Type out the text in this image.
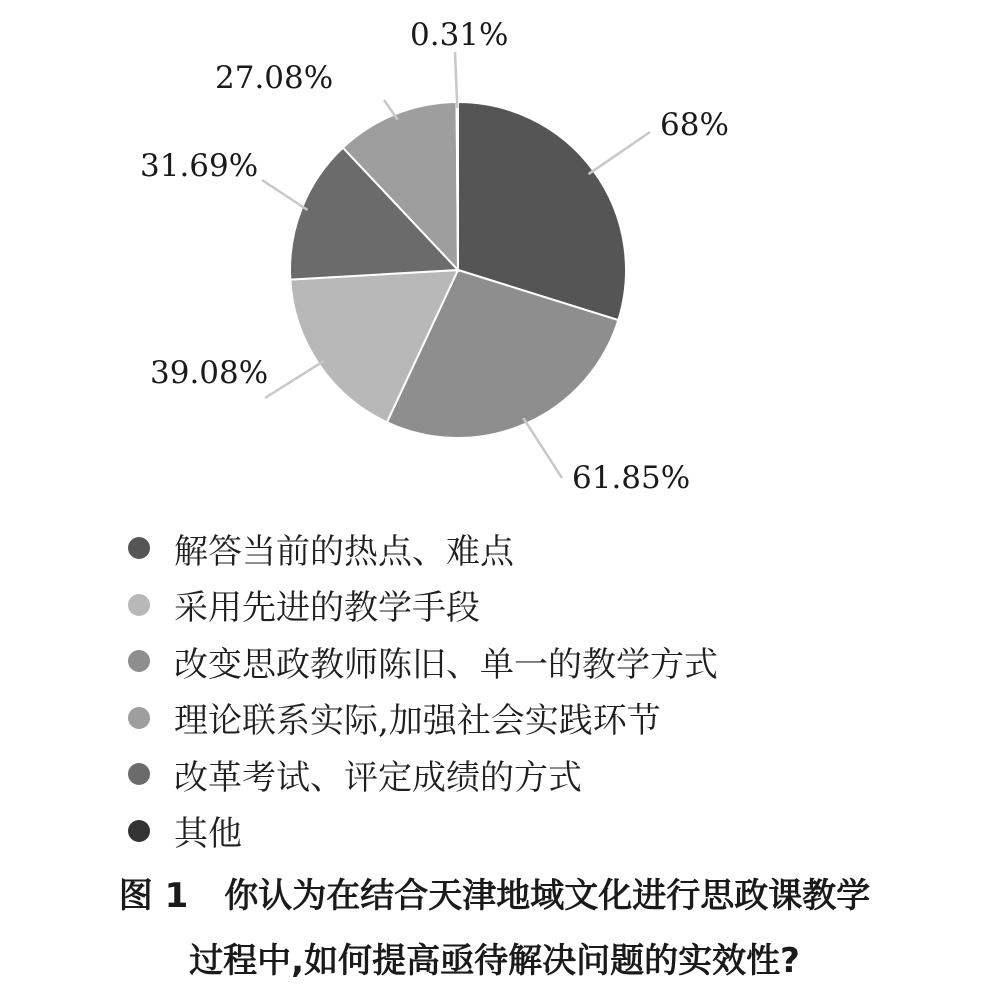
68%
61.85%
39.08%
31.69%
27.08%
0.31%
解答当前的热点、难点
采用先进的教学手段
改变思政教师陈旧、单一的教学方式
理论联系实际,加强社会实践环节
改革考试、评定成绩的方式
其他
图 1 你认为在结合天津地域文化进行思政课教学
过程中,如何提高亟待解决问题的实效性?
